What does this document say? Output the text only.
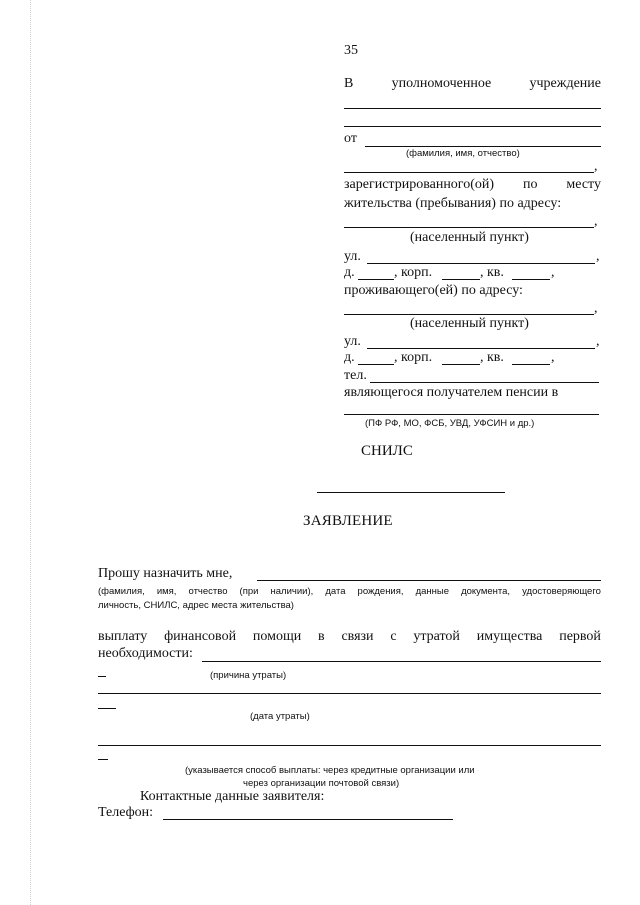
35
В	уполномоченное	учреждение
от
(фамилия, имя, отчество)
,
зарегистрированного(ой) по месту
жительства (пребывания) по адресу:
,
(населенный пункт)
ул.	,
д.	, корп.	, кв.	,
проживающего(ей) по адресу:
,
(населенный пункт)
ул.	,
д.	, корп.	, кв.	,
тел.
являющегося получателем пенсии в
(ПФ РФ, МО, ФСБ, УВД, УФСИН и др.)
СНИЛС
ЗАЯВЛЕНИЕ
Прошу назначить мне,
(фамилия, имя, отчество (при наличии), дата рождения, данные документа, удостоверяющего
личность, СНИЛС, адрес места жительства)
выплату финансовой помощи в связи с утратой имущества первой
необходимости:
(причина утраты)
(дата утраты)
(указывается способ выплаты: через кредитные организации или
через организации почтовой связи)
Контактные данные заявителя:
Телефон:
